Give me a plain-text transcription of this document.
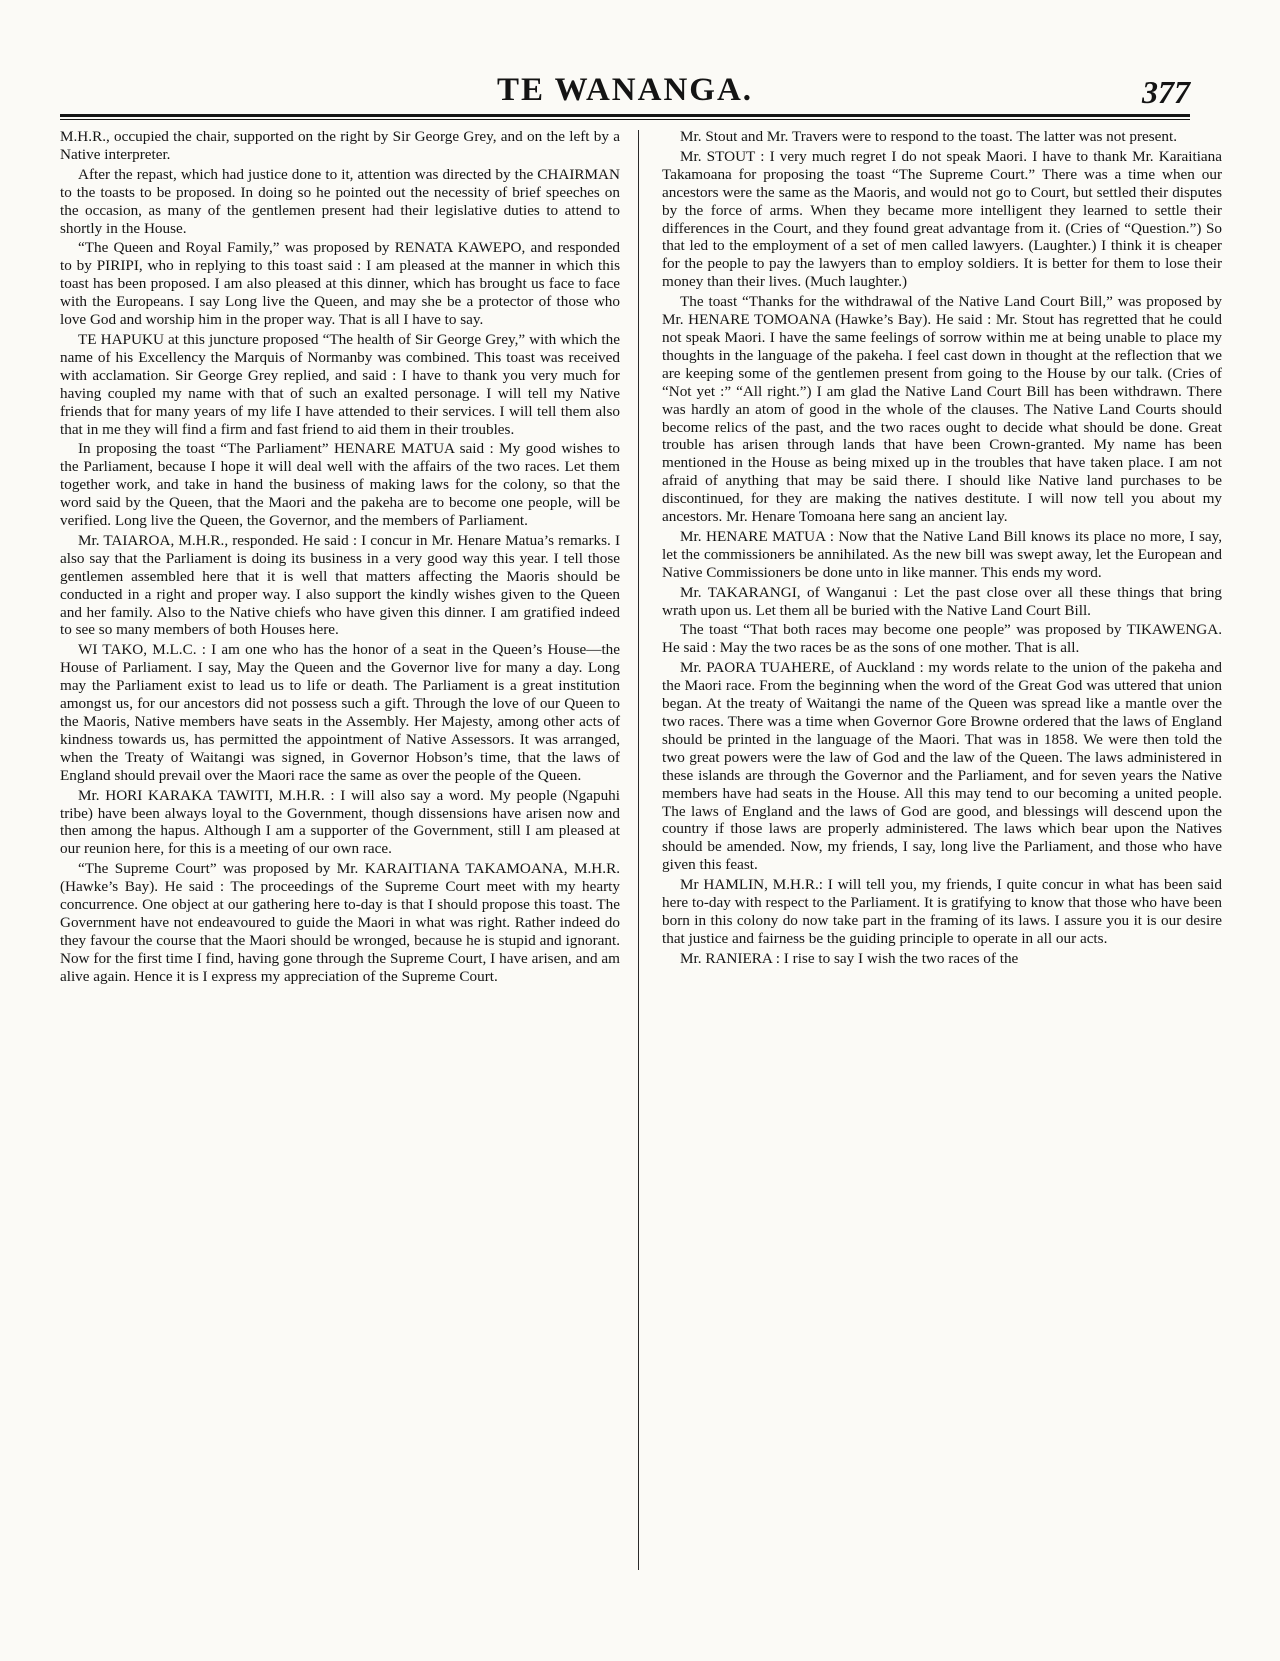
TE WANANGA.	377

M.H.R., occupied the chair, supported on the right by Sir George Grey, and on the left by a Native interpreter.

After the repast, which had justice done to it, attention was directed by the CHAIRMAN to the toasts to be proposed. In doing so he pointed out the necessity of brief speeches on the occasion, as many of the gentlemen present had their legislative duties to attend to shortly in the House.

“The Queen and Royal Family,” was proposed by RENATA KAWEPO, and responded to by PIRIPI, who in replying to this toast said : I am pleased at the manner in which this toast has been proposed. I am also pleased at this dinner, which has brought us face to face with the Europeans. I say Long live the Queen, and may she be a protector of those who love God and worship him in the proper way. That is all I have to say.

TE HAPUKU at this juncture proposed “The health of Sir George Grey,” with which the name of his Excellency the Marquis of Normanby was combined. This toast was received with acclamation. Sir George Grey replied, and said : I have to thank you very much for having coupled my name with that of such an exalted personage. I will tell my Native friends that for many years of my life I have attended to their services. I will tell them also that in me they will find a firm and fast friend to aid them in their troubles.

In proposing the toast “The Parliament” HENARE MATUA said : My good wishes to the Parliament, because I hope it will deal well with the affairs of the two races. Let them together work, and take in hand the business of making laws for the colony, so that the word said by the Queen, that the Maori and the pakeha are to become one people, will be verified. Long live the Queen, the Governor, and the members of Parliament.

Mr. TAIAROA, M.H.R., responded. He said : I concur in Mr. Henare Matua’s remarks. I also say that the Parliament is doing its business in a very good way this year. I tell those gentlemen assembled here that it is well that matters affecting the Maoris should be conducted in a right and proper way. I also support the kindly wishes given to the Queen and her family. Also to the Native chiefs who have given this dinner. I am gratified indeed to see so many members of both Houses here.

WI TAKO, M.L.C. : I am one who has the honor of a seat in the Queen’s House—the House of Parliament. I say, May the Queen and the Governor live for many a day. Long may the Parliament exist to lead us to life or death. The Parliament is a great institution amongst us, for our ancestors did not possess such a gift. Through the love of our Queen to the Maoris, Native members have seats in the Assembly. Her Majesty, among other acts of kindness towards us, has permitted the appointment of Native Assessors. It was arranged, when the Treaty of Waitangi was signed, in Governor Hobson’s time, that the laws of England should prevail over the Maori race the same as over the people of the Queen.

Mr. HORI KARAKA TAWITI, M.H.R. : I will also say a word. My people (Ngapuhi tribe) have been always loyal to the Government, though dissensions have arisen now and then among the hapus. Although I am a supporter of the Government, still I am pleased at our reunion here, for this is a meeting of our own race.

“The Supreme Court” was proposed by Mr. KARAITIANA TAKAMOANA, M.H.R. (Hawke’s Bay). He said : The proceedings of the Supreme Court meet with my hearty concurrence. One object at our gathering here to-day is that I should propose this toast. The Government have not endeavoured to guide the Maori in what was right. Rather indeed do they favour the course that the Maori should be wronged, because he is stupid and ignorant. Now for the first time I find, having gone through the Supreme Court, I have arisen, and am alive again. Hence it is I express my appreciation of the Supreme Court.

Mr. Stout and Mr. Travers were to respond to the toast. The latter was not present.

Mr. STOUT : I very much regret I do not speak Maori. I have to thank Mr. Karaitiana Takamoana for proposing the toast “The Supreme Court.” There was a time when our ancestors were the same as the Maoris, and would not go to Court, but settled their disputes by the force of arms. When they became more intelligent they learned to settle their differences in the Court, and they found great advantage from it. (Cries of “Question.”) So that led to the employment of a set of men called lawyers. (Laughter.) I think it is cheaper for the people to pay the lawyers than to employ soldiers. It is better for them to lose their money than their lives. (Much laughter.)

The toast “Thanks for the withdrawal of the Native Land Court Bill,” was proposed by Mr. HENARE TOMOANA (Hawke’s Bay). He said : Mr. Stout has regretted that he could not speak Maori. I have the same feelings of sorrow within me at being unable to place my thoughts in the language of the pakeha. I feel cast down in thought at the reflection that we are keeping some of the gentlemen present from going to the House by our talk. (Cries of “Not yet :” “All right.”) I am glad the Native Land Court Bill has been withdrawn. There was hardly an atom of good in the whole of the clauses. The Native Land Courts should become relics of the past, and the two races ought to decide what should be done. Great trouble has arisen through lands that have been Crown-granted. My name has been mentioned in the House as being mixed up in the troubles that have taken place. I am not afraid of anything that may be said there. I should like Native land purchases to be discontinued, for they are making the natives destitute. I will now tell you about my ancestors. Mr. Henare Tomoana here sang an ancient lay.

Mr. HENARE MATUA : Now that the Native Land Bill knows its place no more, I say, let the commissioners be annihilated. As the new bill was swept away, let the European and Native Commissioners be done unto in like manner. This ends my word.

Mr. TAKARANGI, of Wanganui : Let the past close over all these things that bring wrath upon us. Let them all be buried with the Native Land Court Bill.

The toast “That both races may become one people” was proposed by TIKAWENGA. He said : May the two races be as the sons of one mother. That is all.

Mr. PAORA TUAHERE, of Auckland : my words relate to the union of the pakeha and the Maori race. From the beginning when the word of the Great God was uttered that union began. At the treaty of Waitangi the name of the Queen was spread like a mantle over the two races. There was a time when Governor Gore Browne ordered that the laws of England should be printed in the language of the Maori. That was in 1858. We were then told the two great powers were the law of God and the law of the Queen. The laws administered in these islands are through the Governor and the Parliament, and for seven years the Native members have had seats in the House. All this may tend to our becoming a united people. The laws of England and the laws of God are good, and blessings will descend upon the country if those laws are properly administered. The laws which bear upon the Natives should be amended. Now, my friends, I say, long live the Parliament, and those who have given this feast.

Mr HAMLIN, M.H.R.: I will tell you, my friends, I quite concur in what has been said here to-day with respect to the Parliament. It is gratifying to know that those who have been born in this colony do now take part in the framing of its laws. I assure you it is our desire that justice and fairness be the guiding principle to operate in all our acts.

Mr. RANIERA : I rise to say I wish the two races of the
